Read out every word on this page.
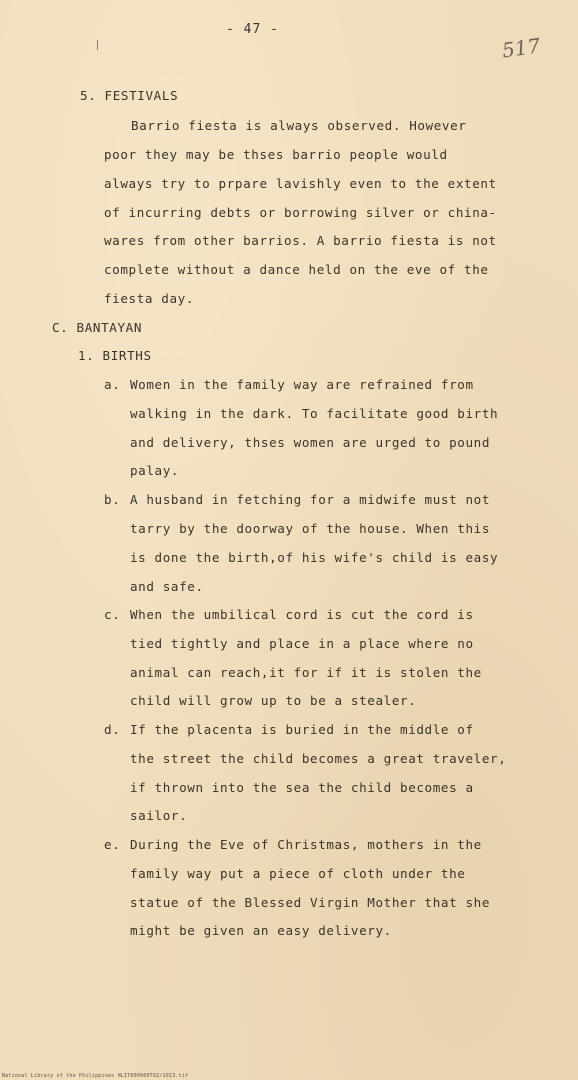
- 47 -
517
5. FESTIVALS
Barrio fiesta is always observed. However
poor they may be thses barrio people would
always try to prpare lavishly even to the extent
of incurring debts or borrowing silver or china-
wares from other barrios. A barrio fiesta is not
complete without a dance held on the eve of the
fiesta day.
C. BANTAYAN
1. BIRTHS
a. Women in the family way are refrained from
walking in the dark. To facilitate good birth
and delivery, thses women are urged to pound
palay.
b. A husband in fetching for a midwife must not
tarry by the doorway of the house. When this
is done the birth,of his wife's child is easy
and safe.
c. When the umbilical cord is cut the cord is
tied tightly and place in a place where no
animal can reach,it for if it is stolen the
child will grow up to be a stealer.
d. If the placenta is buried in the middle of
the street the child becomes a great traveler,
if thrown into the sea the child becomes a
sailor.
e. During the Eve of Christmas, mothers in the
family way put a piece of cloth under the
statue of the Blessed Virgin Mother that she
might be given an easy delivery.
National Library of the Philippines HLIT000000T02/1013.tif
